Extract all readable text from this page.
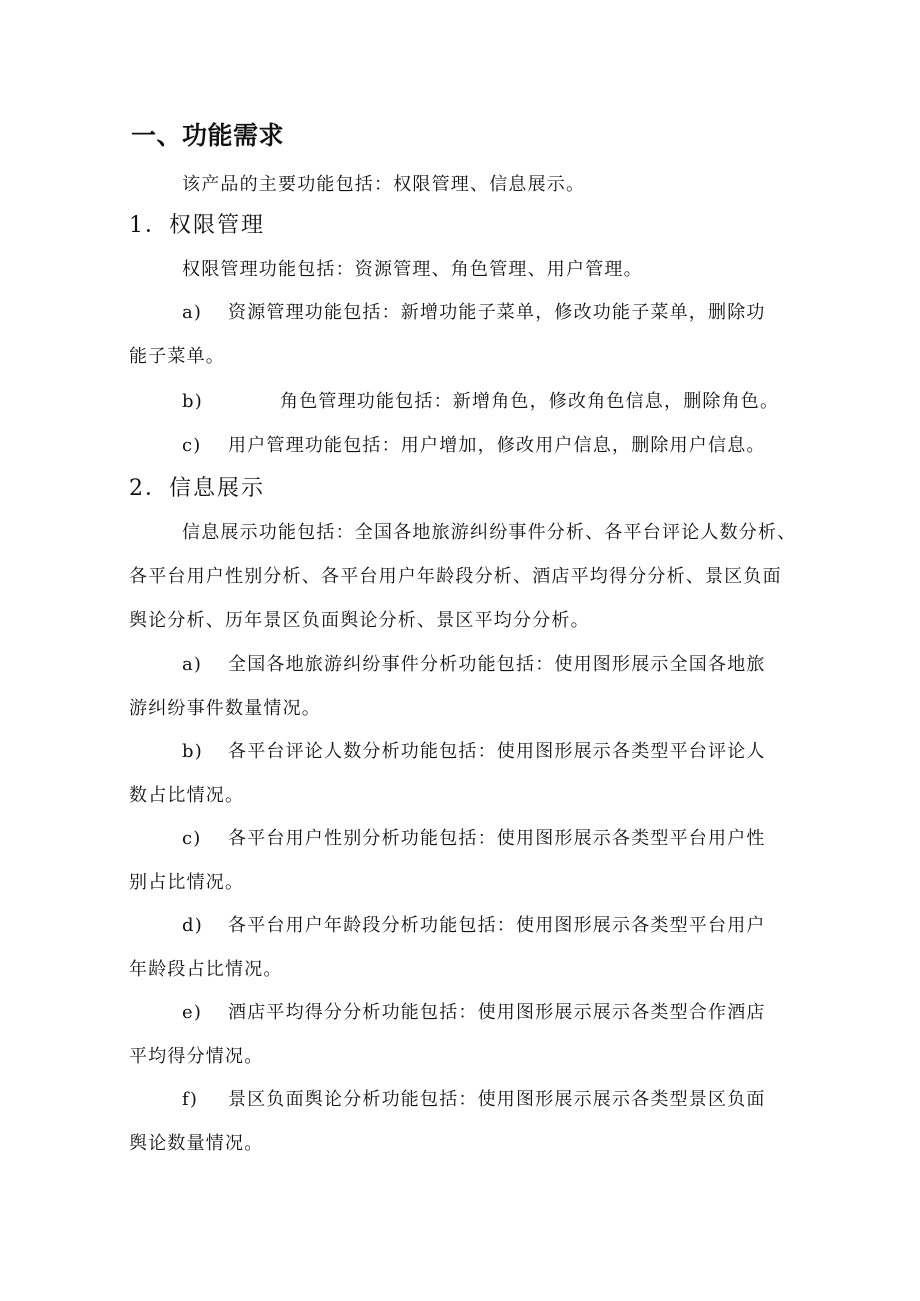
一、功能需求
该产品的主要功能包括：权限管理、信息展示。
1．权限管理
权限管理功能包括：资源管理、角色管理、用户管理。
a) 资源管理功能包括：新增功能子菜单，修改功能子菜单，删除功
能子菜单。
b)	角色管理功能包括：新增角色，修改角色信息，删除角色。
c) 用户管理功能包括：用户增加，修改用户信息，删除用户信息。
2．信息展示
信息展示功能包括：全国各地旅游纠纷事件分析、各平台评论人数分析、
各平台用户性别分析、各平台用户年龄段分析、酒店平均得分分析、景区负面
舆论分析、历年景区负面舆论分析、景区平均分分析。
a) 全国各地旅游纠纷事件分析功能包括：使用图形展示全国各地旅
游纠纷事件数量情况。
b) 各平台评论人数分析功能包括：使用图形展示各类型平台评论人
数占比情况。
c) 各平台用户性别分析功能包括：使用图形展示各类型平台用户性
别占比情况。
d) 各平台用户年龄段分析功能包括：使用图形展示各类型平台用户
年龄段占比情况。
e) 酒店平均得分分析功能包括：使用图形展示展示各类型合作酒店
平均得分情况。
f) 景区负面舆论分析功能包括：使用图形展示展示各类型景区负面
舆论数量情况。
